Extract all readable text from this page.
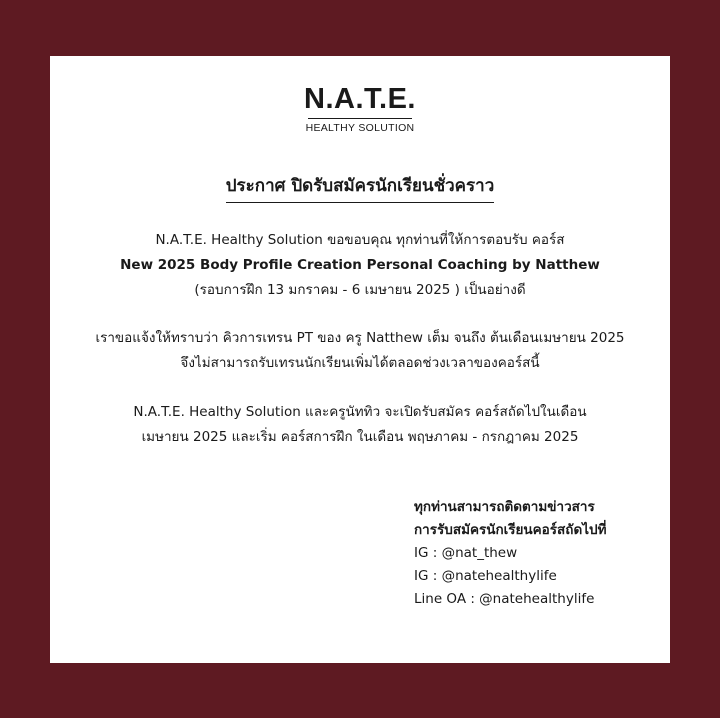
N.A.T.E.
HEALTHY SOLUTION
ประกาศ ปิดรับสมัครนักเรียนชั่วคราว
N.A.T.E. Healthy Solution ขอขอบคุณ ทุกท่านที่ให้การตอบรับ คอร์ส
New 2025 Body Profile Creation Personal Coaching by Natthew
(รอบการฝึก 13 มกราคม - 6 เมษายน 2025 ) เป็นอย่างดี
เราขอแจ้งให้ทราบว่า คิวการเทรน PT ของ ครู Natthew เต็ม จนถึง ต้นเดือนเมษายน 2025
จึงไม่สามารถรับเทรนนักเรียนเพิ่มได้ตลอดช่วงเวลาของคอร์สนี้
N.A.T.E. Healthy Solution และครูนัททิว จะเปิดรับสมัคร คอร์สถัดไปในเดือน
เมษายน 2025 และเริ่ม คอร์สการฝึก ในเดือน พฤษภาคม - กรกฎาคม 2025
ทุกท่านสามารถติดตามข่าวสาร
การรับสมัครนักเรียนคอร์สถัดไปที่
IG : @nat_thew
IG : @natehealthylife
Line OA : @natehealthylife
